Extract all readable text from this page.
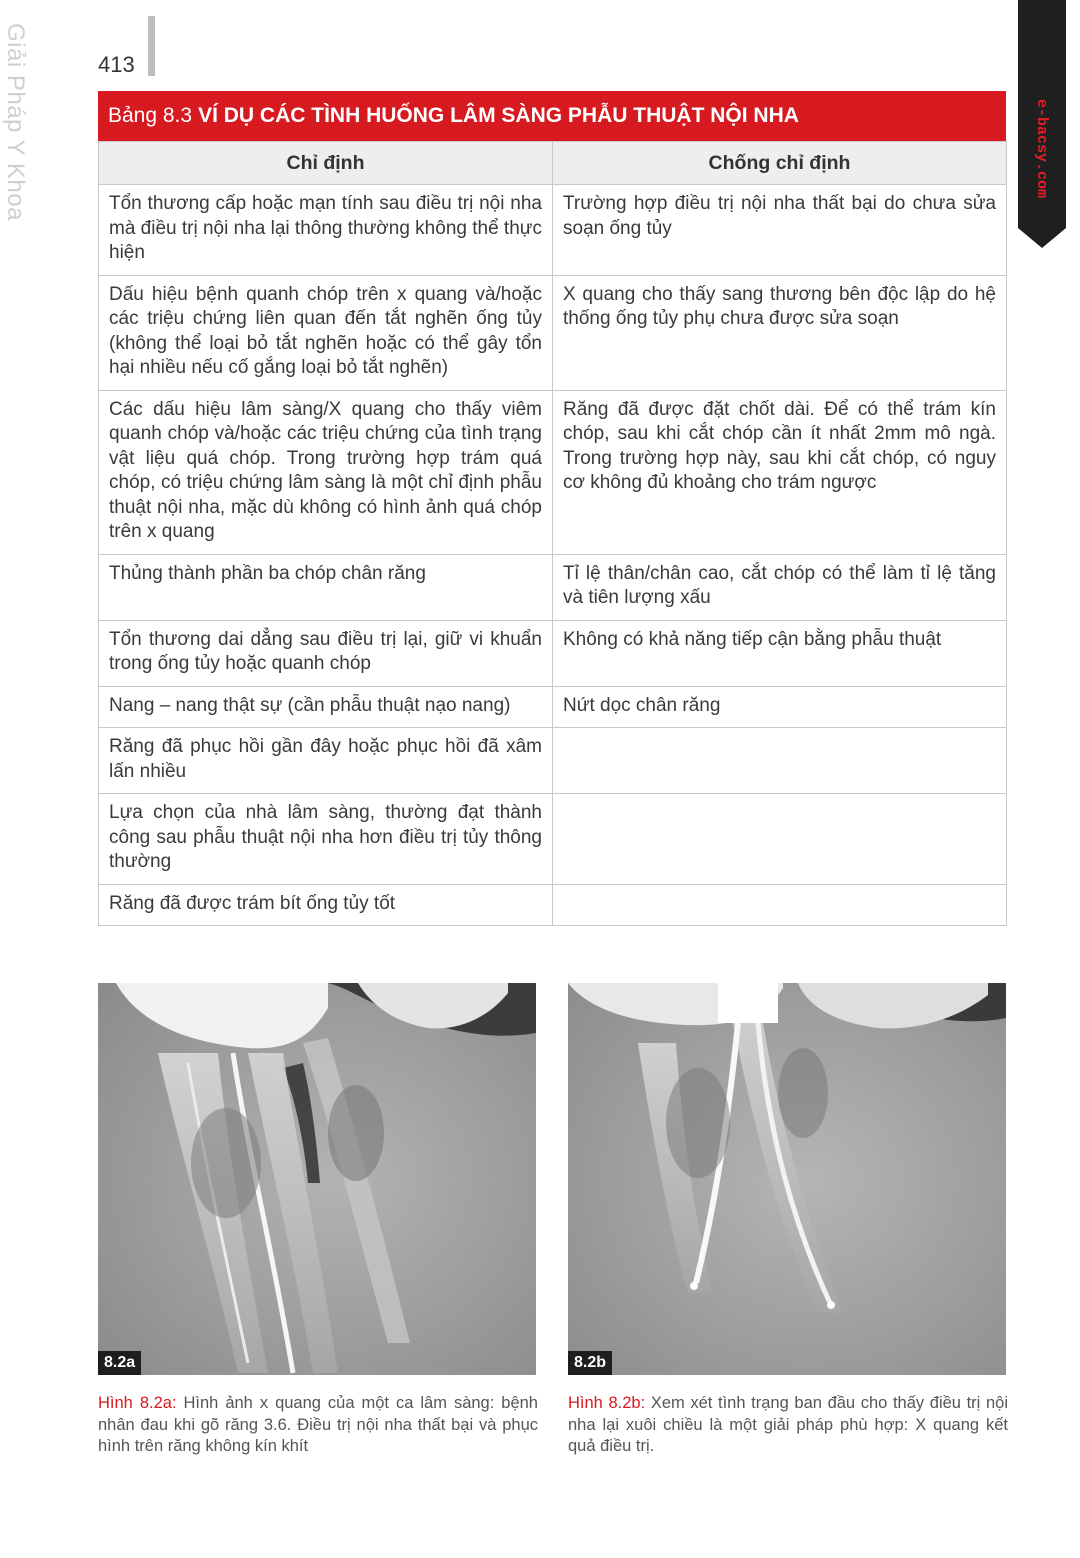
Giải Pháp Y Khoa	413
e-bacsy.com
Bảng 8.3 VÍ DỤ CÁC TÌNH HUỐNG LÂM SÀNG PHẪU THUẬT NỘI NHA
Chỉ định	Chống chỉ định
Tổn thương cấp hoặc mạn tính sau điều trị nội nha mà điều trị nội nha lại thông thường không thể thực hiện	Trường hợp điều trị nội nha thất bại do chưa sửa soạn ống tủy
Dấu hiệu bệnh quanh chóp trên x quang và/hoặc các triệu chứng liên quan đến tắt nghẽn ống tủy (không thể loại bỏ tắt nghẽn hoặc có thể gây tổn hại nhiều nếu cố gắng loại bỏ tắt nghẽn)	X quang cho thấy sang thương bên độc lập do hệ thống ống tủy phụ chưa được sửa soạn
Các dấu hiệu lâm sàng/X quang cho thấy viêm quanh chóp và/hoặc các triệu chứng của tình trạng vật liệu quá chóp. Trong trường hợp trám quá chóp, có triệu chứng lâm sàng là một chỉ định phẫu thuật nội nha, mặc dù không có hình ảnh quá chóp trên x quang	Răng đã được đặt chốt dài. Để có thể trám kín chóp, sau khi cắt chóp cần ít nhất 2mm mô ngà. Trong trường hợp này, sau khi cắt chóp, có nguy cơ không đủ khoảng cho trám ngược
Thủng thành phần ba chóp chân răng	Tỉ lệ thân/chân cao, cắt chóp có thể làm tỉ lệ tăng và tiên lượng xấu
Tổn thương dai dẳng sau điều trị lại, giữ vi khuẩn trong ống tủy hoặc quanh chóp	Không có khả năng tiếp cận bằng phẫu thuật
Nang – nang thật sự (cần phẫu thuật nạo nang)	Nứt dọc chân răng
Răng đã phục hồi gần đây hoặc phục hồi đã xâm lấn nhiều	
Lựa chọn của nhà lâm sàng, thường đạt thành công sau phẫu thuật nội nha hơn điều trị tủy thông thường	
Răng đã được trám bít ống tủy tốt	
8.2a	8.2b
Hình 8.2a: Hình ảnh x quang của một ca lâm sàng: bệnh nhân đau khi gõ răng 3.6. Điều trị nội nha thất bại và phục hình trên răng không kín khít
Hình 8.2b: Xem xét tình trạng ban đầu cho thấy điều trị nội nha lại xuôi chiều là một giải pháp phù hợp: X quang kết quả điều trị.
